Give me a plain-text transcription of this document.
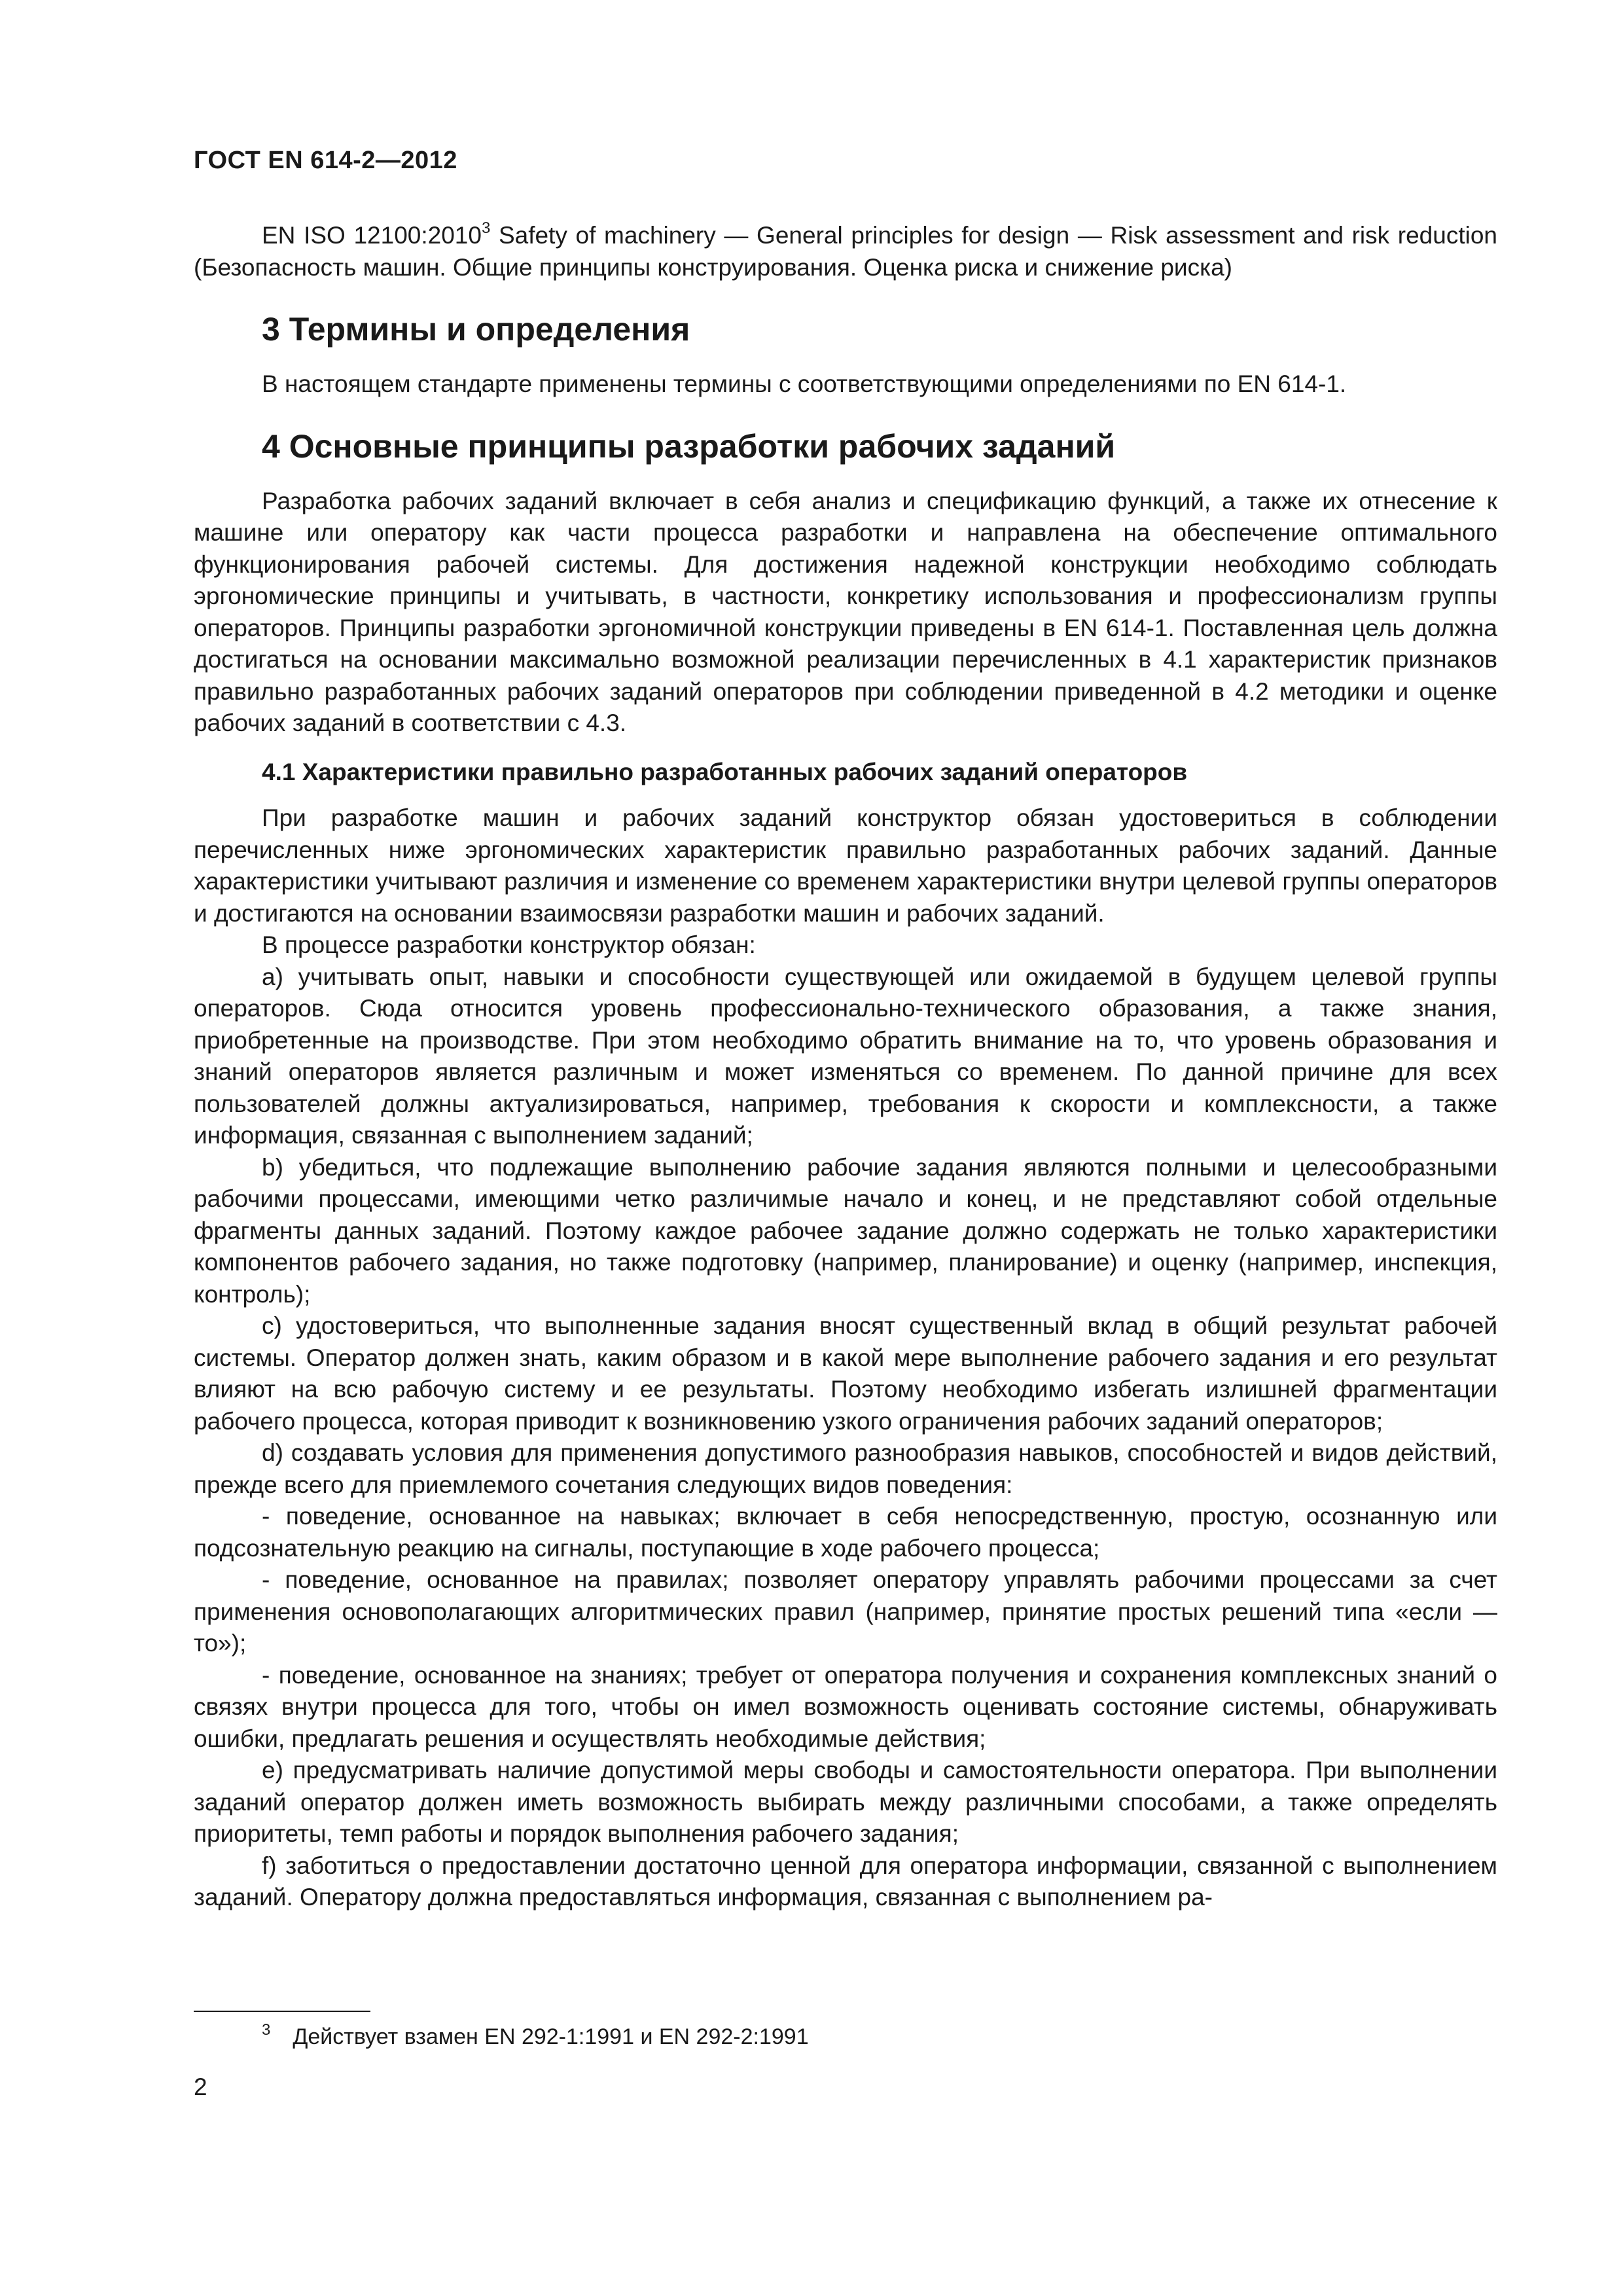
ГОСТ EN 614-2—2012

EN ISO 12100:2010$^3$ Safety of machinery — General principles for design — Risk assessment and risk reduction (Безопасность машин. Общие принципы конструирования. Оценка риска и снижение риска)

3 Термины и определения

В настоящем стандарте применены термины с соответствующими определениями по EN 614-1.

4 Основные принципы разработки рабочих заданий

Разработка рабочих заданий включает в себя анализ и спецификацию функций, а также их отнесение к машине или оператору как части процесса разработки и направлена на обеспечение оптимального функционирования рабочей системы. Для достижения надежной конструкции необходимо соблюдать эргономические принципы и учитывать, в частности, конкретику использования и профессионализм группы операторов. Принципы разработки эргономичной конструкции приведены в EN 614-1. Поставленная цель должна достигаться на основании максимально возможной реализации перечисленных в 4.1 характеристик признаков правильно разработанных рабочих заданий операторов при соблюдении приведенной в 4.2 методики и оценке рабочих заданий в соответствии с 4.3.

4.1 Характеристики правильно разработанных рабочих заданий операторов

При разработке машин и рабочих заданий конструктор обязан удостовериться в соблюдении перечисленных ниже эргономических характеристик правильно разработанных рабочих заданий. Данные характеристики учитывают различия и изменение со временем характеристики внутри целевой группы операторов и достигаются на основании взаимосвязи разработки машин и рабочих заданий.

В процессе разработки конструктор обязан:

a) учитывать опыт, навыки и способности существующей или ожидаемой в будущем целевой группы операторов. Сюда относится уровень профессионально-технического образования, а также знания, приобретенные на производстве. При этом необходимо обратить внимание на то, что уровень образования и знаний операторов является различным и может изменяться со временем. По данной причине для всех пользователей должны актуализироваться, например, требования к скорости и комплексности, а также информация, связанная с выполнением заданий;

b) убедиться, что подлежащие выполнению рабочие задания являются полными и целесообразными рабочими процессами, имеющими четко различимые начало и конец, и не представляют собой отдельные фрагменты данных заданий. Поэтому каждое рабочее задание должно содержать не только характеристики компонентов рабочего задания, но также подготовку (например, планирование) и оценку (например, инспекция, контроль);

c) удостовериться, что выполненные задания вносят существенный вклад в общий результат рабочей системы. Оператор должен знать, каким образом и в какой мере выполнение рабочего задания и его результат влияют на всю рабочую систему и ее результаты. Поэтому необходимо избегать излишней фрагментации рабочего процесса, которая приводит к возникновению узкого ограничения рабочих заданий операторов;

d) создавать условия для применения допустимого разнообразия навыков, способностей и видов действий, прежде всего для приемлемого сочетания следующих видов поведения:

- поведение, основанное на навыках; включает в себя непосредственную, простую, осознанную или подсознательную реакцию на сигналы, поступающие в ходе рабочего процесса;

- поведение, основанное на правилах; позволяет оператору управлять рабочими процессами за счет применения основополагающих алгоритмических правил (например, принятие простых решений типа «если — то»);

- поведение, основанное на знаниях; требует от оператора получения и сохранения комплексных знаний о связях внутри процесса для того, чтобы он имел возможность оценивать состояние системы, обнаруживать ошибки, предлагать решения и осуществлять необходимые действия;

e) предусматривать наличие допустимой меры свободы и самостоятельности оператора. При выполнении заданий оператор должен иметь возможность выбирать между различными способами, а также определять приоритеты, темп работы и порядок выполнения рабочего задания;

f) заботиться о предоставлении достаточно ценной для оператора информации, связанной с выполнением заданий. Оператору должна предоставляться информация, связанная с выполнением ра-

$^3$ Действует взамен EN 292-1:1991 и EN 292-2:1991
2
